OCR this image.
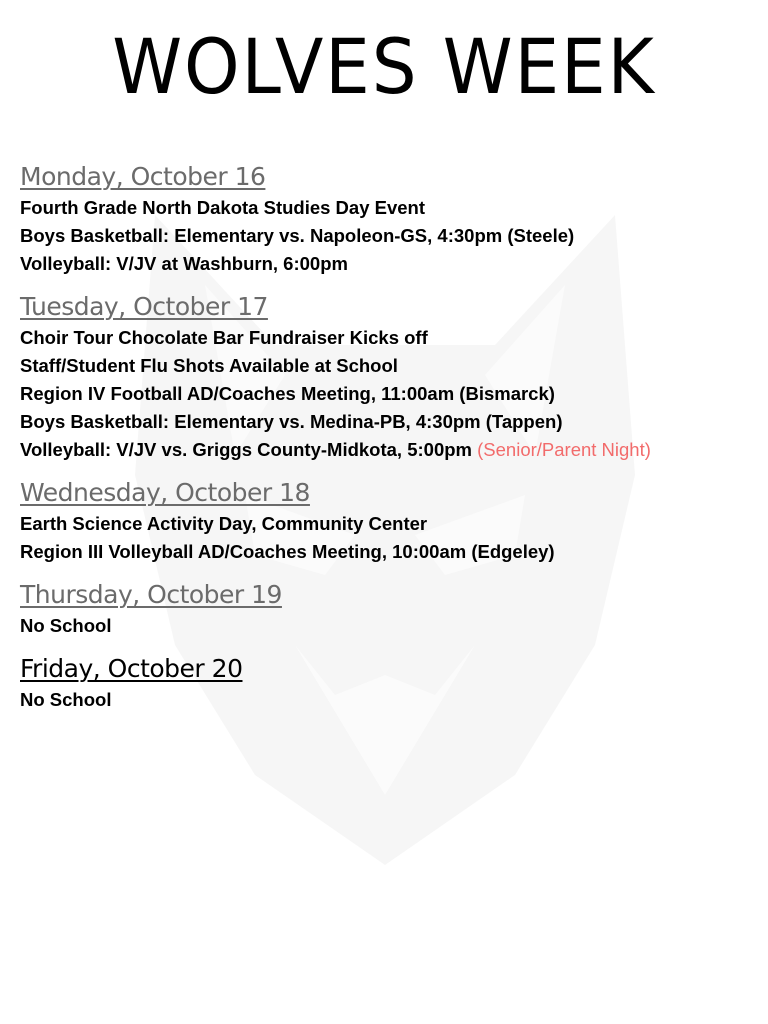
WOLVES WEEK
Monday, October 16
Fourth Grade North Dakota Studies Day Event
Boys Basketball: Elementary vs. Napoleon-GS, 4:30pm (Steele)
Volleyball: V/JV at Washburn, 6:00pm
Tuesday, October 17
Choir Tour Chocolate Bar Fundraiser Kicks off
Staff/Student Flu Shots Available at School
Region IV Football AD/Coaches Meeting, 11:00am (Bismarck)
Boys Basketball: Elementary vs. Medina-PB, 4:30pm (Tappen)
Volleyball: V/JV vs. Griggs County-Midkota, 5:00pm (Senior/Parent Night)
Wednesday, October 18
Earth Science Activity Day, Community Center
Region III Volleyball AD/Coaches Meeting, 10:00am (Edgeley)
Thursday, October 19
No School
Friday, October 20
No School
